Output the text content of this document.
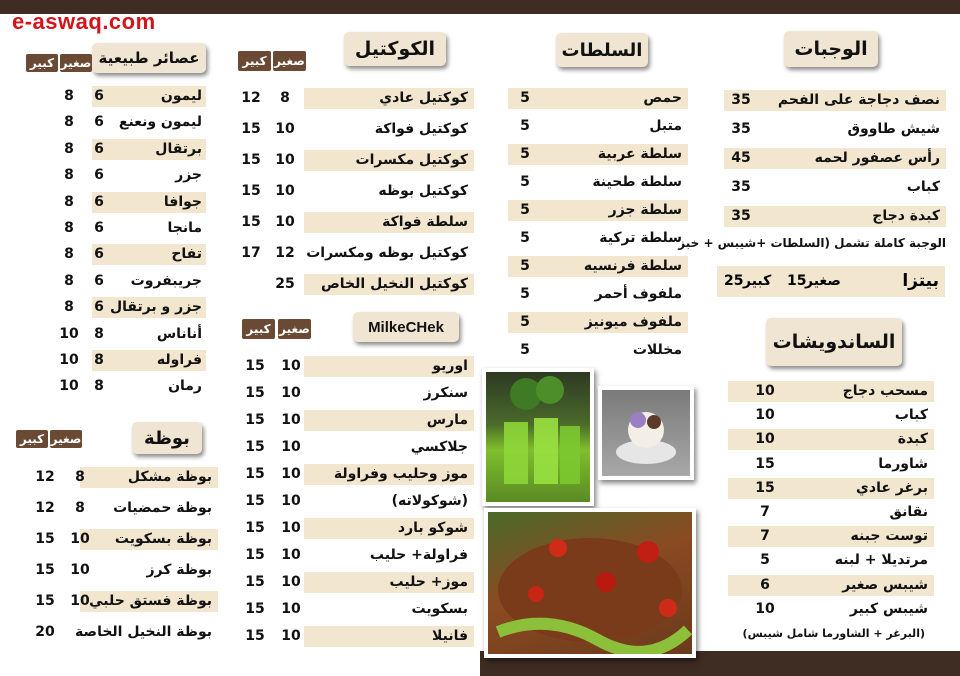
e-aswaq.com
عصائر طبيعية
صغير
كبير
ليمون
6
8
ليمون ونعنع
6
8
برتقال
6
8
جزر
6
8
جوافا
6
8
مانجا
6
8
تفاح
6
8
جريبفروت
6
8
جزر و برتقال
6
8
أناناس
8
10
فراوله
8
10
رمان
8
10
بوظة
صغير
كبير
بوظة مشكل
8
12
بوظة حمضيات
8
12
بوظة بسكويت
10
15
بوظة كرز
10
15
بوظة فستق حلبي
10
15
بوظة النخيل الخاصة
20
الكوكتيل
صغير
كبير
كوكتيل عادي
8
12
كوكتيل فواكة
10
15
كوكتيل مكسرات
10
15
كوكتيل بوظه
10
15
سلطة فواكة
10
15
كوكتيل بوظه ومكسرات
12
17
كوكتيل النخيل الخاص
25
MilkeCHek
صغير
كبير
اوريو
10
15
سنكرز
10
15
مارس
10
15
جلاكسي
10
15
موز وحليب وفراولة
10
15
(شوكولاته)
10
15
شوكو بارد
10
15
فراولة+ حليب
10
15
موز+ حليب
10
15
بسكويت
10
15
فانيلا
10
15
السلطات
حمص
5
متبل
5
سلطة عربية
5
سلطة طحينة
5
سلطة جزر
5
سلطة تركية
5
سلطة فرنسيه
5
ملفوف أحمر
5
ملفوف ميونيز
5
مخللات
5
الوجبات
نصف دجاجة على الفحم
35
شيش طاووق
35
رأس عصفور لحمه
45
كباب
35
كبدة دجاج
35
الوجبة كاملة تشمل (السلطات +شيبس + خبز
بيتزا
صغير
15
كبير
25
الساندويشات
مسحب دجاج
10
كباب
10
كبدة
10
شاورما
15
برغر عادي
15
نقانق
7
توست جبنه
7
مرتديلا + لبنه
5
شيبس صغير
6
شيبس كبير
10
(البرغر + الشاورما شامل شيبس)
